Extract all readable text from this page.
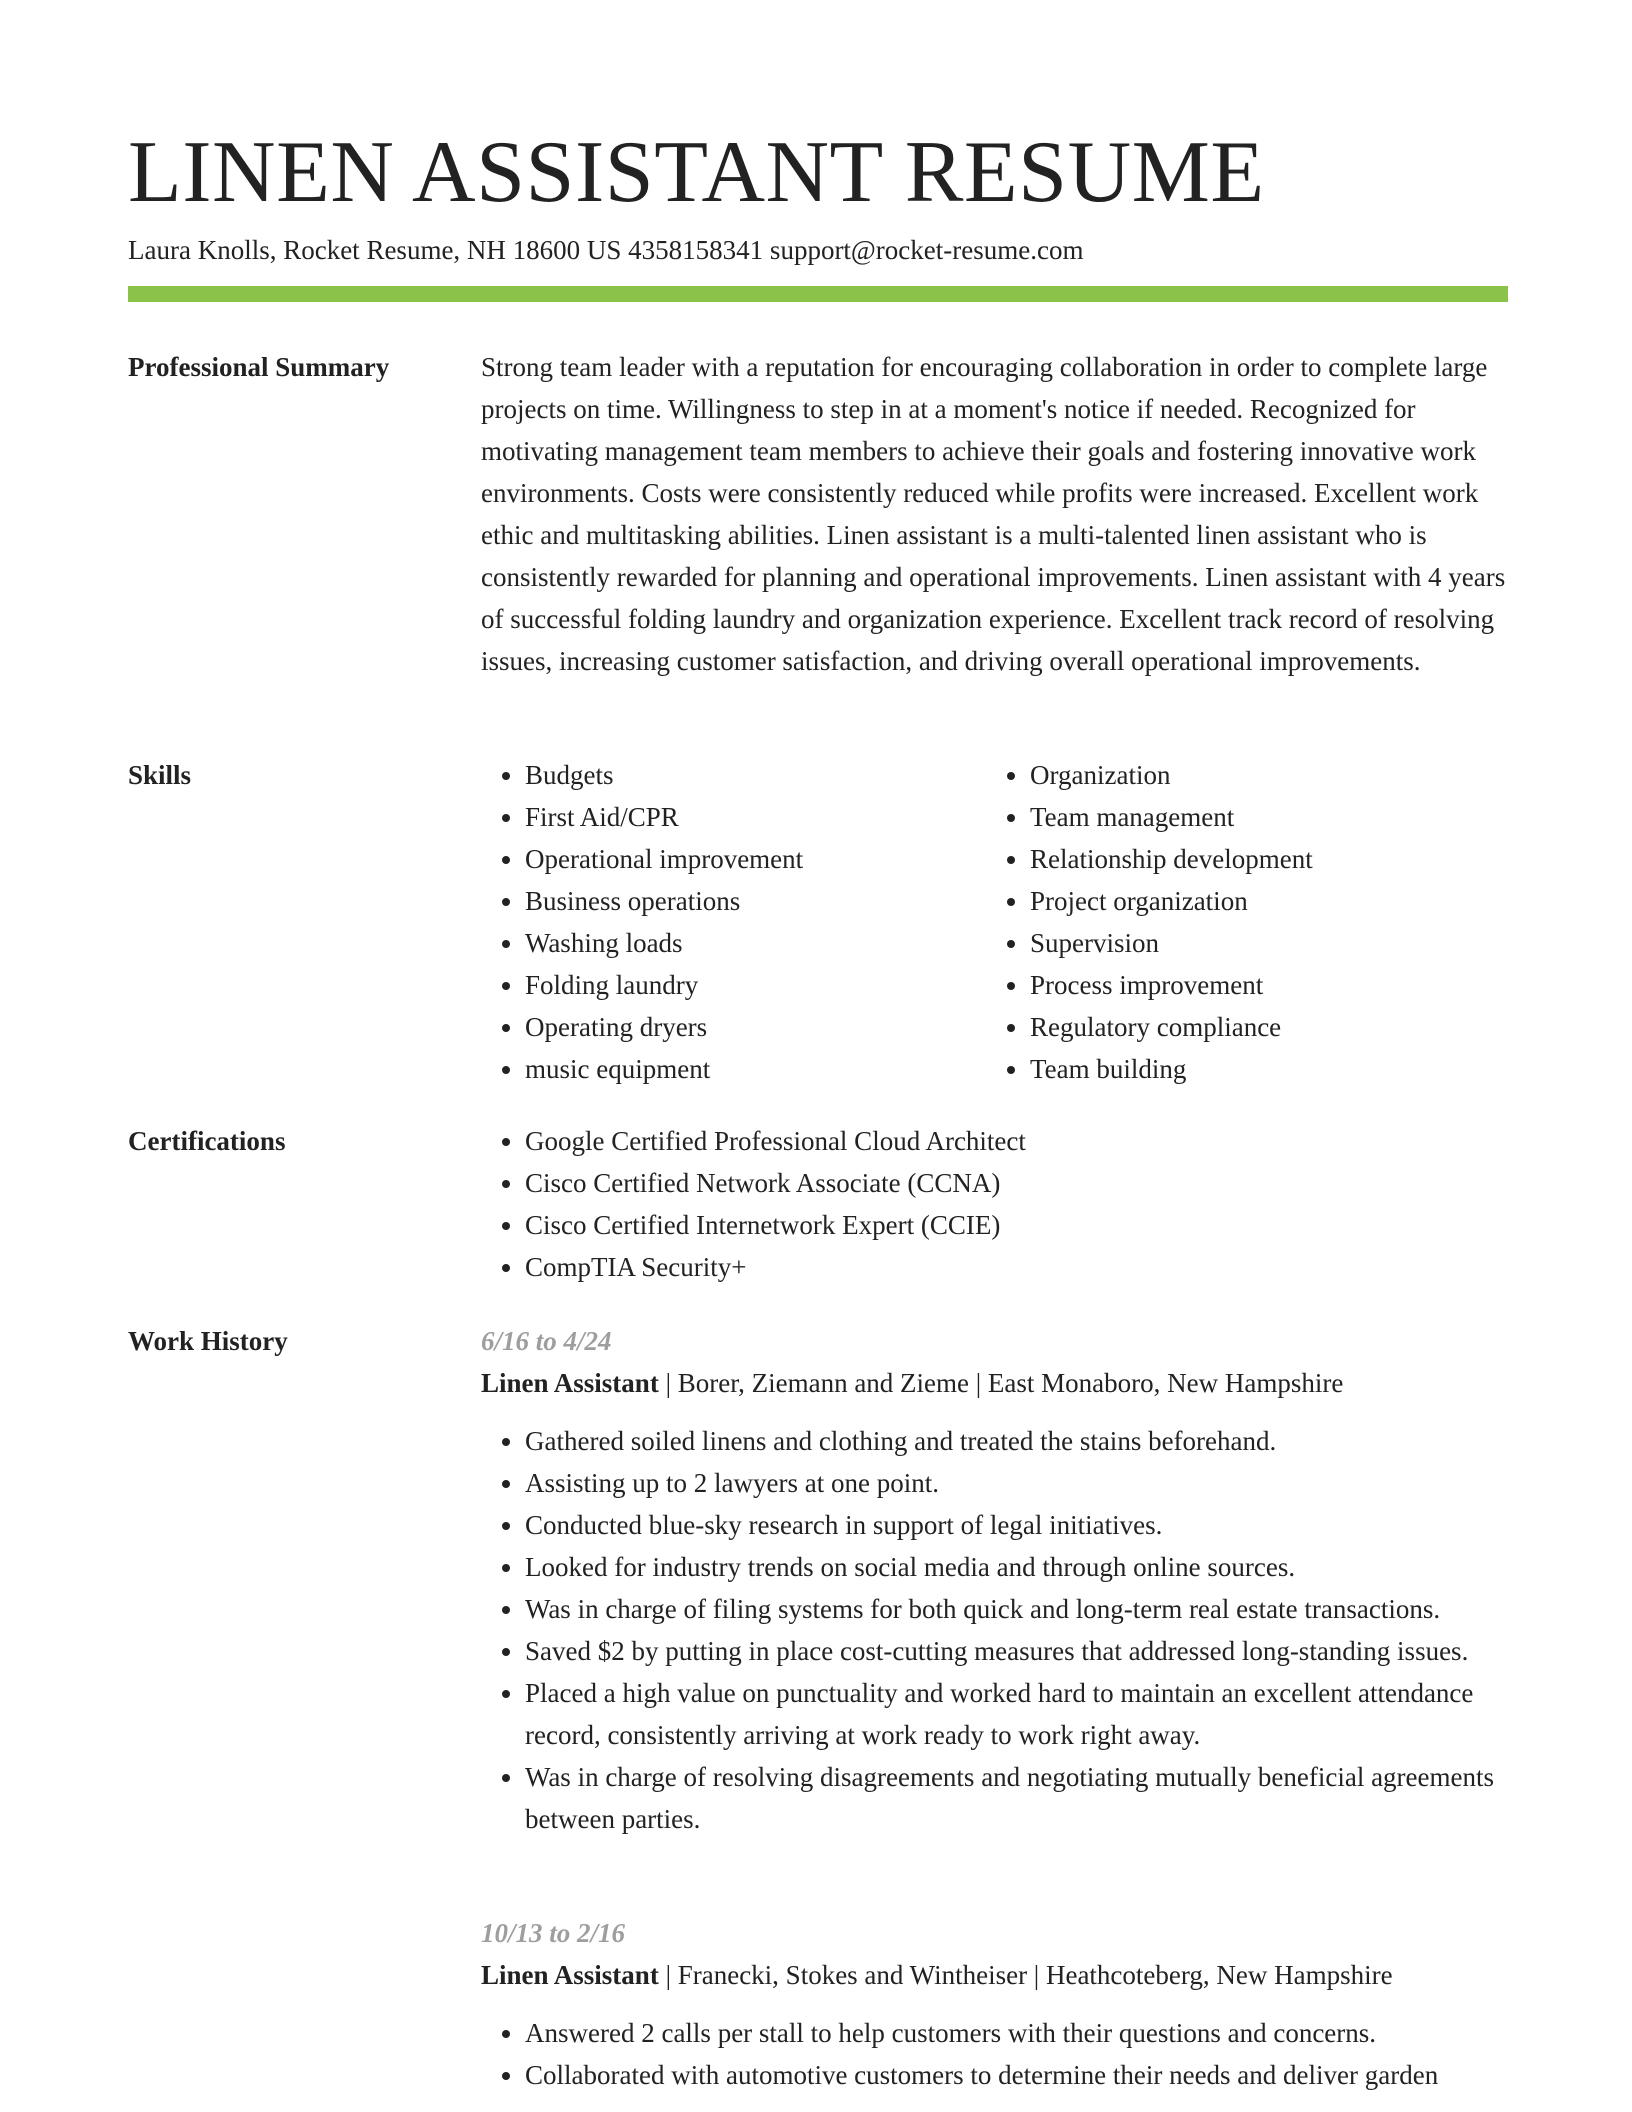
LINEN ASSISTANT RESUME
Laura Knolls, Rocket Resume, NH 18600 US 4358158341 support@rocket-resume.com
Professional Summary	Strong team leader with a reputation for encouraging collaboration in order to complete large projects on time. Willingness to step in at a moment's notice if needed. Recognized for motivating management team members to achieve their goals and fostering innovative work environments. Costs were consistently reduced while profits were increased. Excellent work ethic and multitasking abilities. Linen assistant is a multi-talented linen assistant who is consistently rewarded for planning and operational improvements. Linen assistant with 4 years of successful folding laundry and organization experience. Excellent track record of resolving issues, increasing customer satisfaction, and driving overall operational improvements.

Skills	• Budgets
• First Aid/CPR
• Operational improvement
• Business operations
• Washing loads
• Folding laundry
• Operating dryers
• music equipment
• Organization
• Team management
• Relationship development
• Project organization
• Supervision
• Process improvement
• Regulatory compliance
• Team building
Certifications	• Google Certified Professional Cloud Architect
• Cisco Certified Network Associate (CCNA)
• Cisco Certified Internetwork Expert (CCIE)
• CompTIA Security+
Work History	6/16 to 4/24
Linen Assistant | Borer, Ziemann and Zieme | East Monaboro, New Hampshire
• Gathered soiled linens and clothing and treated the stains beforehand.
• Assisting up to 2 lawyers at one point.
• Conducted blue-sky research in support of legal initiatives.
• Looked for industry trends on social media and through online sources.
• Was in charge of filing systems for both quick and long-term real estate transactions.
• Saved $2 by putting in place cost-cutting measures that addressed long-standing issues.
• Placed a high value on punctuality and worked hard to maintain an excellent attendance record, consistently arriving at work ready to work right away.
• Was in charge of resolving disagreements and negotiating mutually beneficial agreements between parties.
10/13 to 2/16
Linen Assistant | Franecki, Stokes and Wintheiser | Heathcoteberg, New Hampshire
• Answered 2 calls per stall to help customers with their questions and concerns.
• Collaborated with automotive customers to determine their needs and deliver garden
